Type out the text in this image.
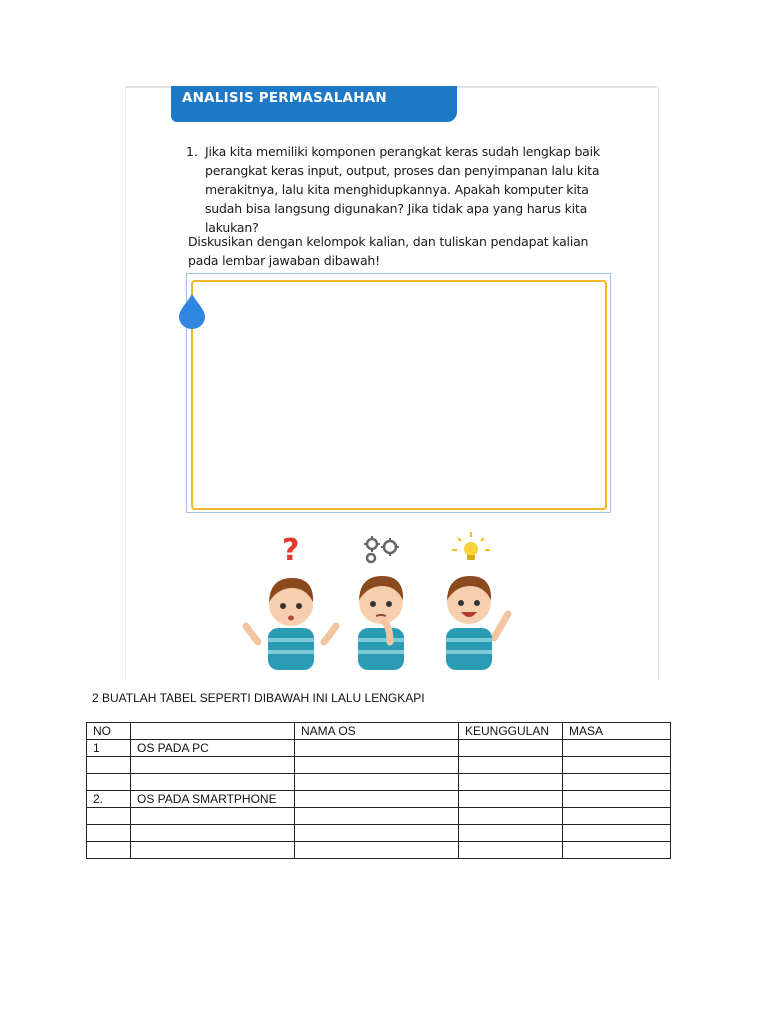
ANALISIS PERMASALAHAN
1. Jika kita memiliki komponen perangkat keras sudah lengkap baik
perangkat keras input, output, proses dan penyimpanan lalu kita
merakitnya, lalu kita menghidupkannya. Apakah komputer kita
sudah bisa langsung digunakan? Jika tidak apa yang harus kita
lakukan?
Diskusikan dengan kelompok kalian, dan tuliskan pendapat kalian
pada lembar jawaban dibawah!
?
2 BUATLAH TABEL SEPERTI DIBAWAH INI LALU LENGKAPI
NO		NAMA OS	KEUNGGULAN	MASA
1	OS PADA PC			

2.	OS PADA SMARTPHONE			
